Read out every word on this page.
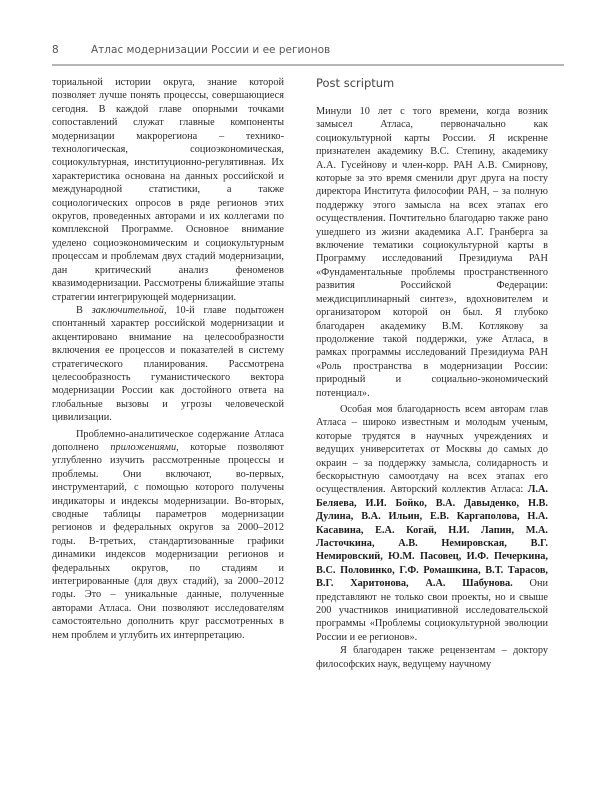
8	Атлас модернизации России и ее регионов

ториальной истории округа, знание которой позволяет лучше понять процессы, совершающиеся сегодня. В каждой главе опорными точками сопоставлений служат главные компоненты модернизации макрорегиона – технико-технологическая, социоэкономическая, социокультурная, институционно-регулятивная. Их характеристика основана на данных российской и международной статистики, а также социологических опросов в ряде регионов этих округов, проведенных авторами и их коллегами по комплексной Программе. Основное внимание уделено социоэкономическим и социокультурным процессам и проблемам двух стадий модернизации, дан критический анализ феноменов квазимодернизации. Рассмотрены ближайшие этапы стратегии интегрирующей модернизации.

В заключительной, 10-й главе подытожен спонтанный характер российской модернизации и акцентировано внимание на целесообразности включения ее процессов и показателей в систему стратегического планирования. Рассмотрена целесообразность гуманистического вектора модернизации России как достойного ответа на глобальные вызовы и угрозы человеческой цивилизации.

Проблемно-аналитическое содержание Атласа дополнено приложениями, которые позволяют углубленно изучить рассмотренные процессы и проблемы. Они включают, во-первых, инструментарий, с помощью которого получены индикаторы и индексы модернизации. Во-вторых, сводные таблицы параметров модернизации регионов и федеральных округов за 2000–2012 годы. В-третьих, стандартизованные графики динамики индексов модернизации регионов и федеральных округов, по стадиям и интегрированные (для двух стадий), за 2000–2012 годы. Это – уникальные данные, полученные авторами Атласа. Они позволяют исследователям самостоятельно дополнить круг рассмотренных в нем проблем и углубить их интерпретацию.

Post scriptum

Минули 10 лет с того времени, когда возник замысел Атласа, первоначально как социокультурной карты России. Я искренне признателен академику В.С. Степину, академику А.А. Гусейнову и член-корр. РАН А.В. Смирнову, которые за это время сменили друг друга на посту директора Института философии РАН, – за полную поддержку этого замысла на всех этапах его осуществления. Почтительно благодарю также рано ушедшего из жизни академика А.Г. Гранберга за включение тематики социокультурной карты в Программу исследований Президиума РАН «Фундаментальные проблемы пространственного развития Российской Федерации: междисциплинарный синтез», вдохновителем и организатором которой он был. Я глубоко благодарен академику В.М. Котлякову за продолжение такой поддержки, уже Атласа, в рамках программы исследований Президиума РАН «Роль пространства в модернизации России: природный и социально-экономический потенциал».

Особая моя благодарность всем авторам глав Атласа – широко известным и молодым ученым, которые трудятся в научных учреждениях и ведущих университетах от Москвы до самых до окраин – за поддержку замысла, солидарность и бескорыстную самоотдачу на всех этапах его осуществления. Авторский коллектив Атласа: Л.А. Беляева, И.И. Бойко, В.А. Давыденко, Н.В. Дулина, В.А. Ильин, Е.В. Каргаполова, Н.А. Касавина, Е.А. Когай, Н.И. Лапин, М.А. Ласточкина, А.В. Немировская, В.Г. Немировский, Ю.М. Пасовец, И.Ф. Печеркина, В.С. Половинко, Г.Ф. Ромашкина, В.Т. Тарасов, В.Г. Харитонова, А.А. Шабунова. Они представляют не только свои проекты, но и свыше 200 участников инициативной исследовательской программы «Проблемы социокультурной эволюции России и ее регионов».

Я благодарен также рецензентам – доктору философских наук, ведущему научному
